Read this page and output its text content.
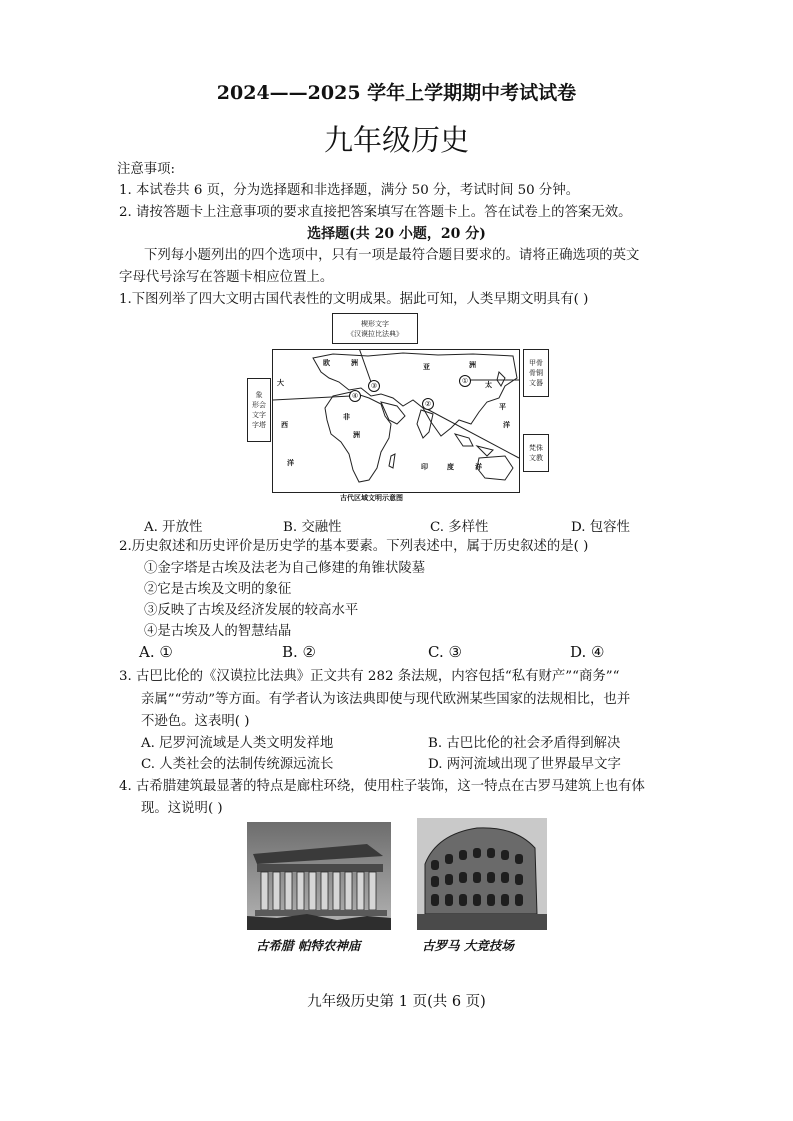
2024——2025 学年上学期期中考试试卷
九年级历史
注意事项:
1. 本试卷共 6 页，分为选择题和非选择题，满分 50 分，考试时间 50 分钟。
2. 请按答题卡上注意事项的要求直接把答案填写在答题卡上。答在试卷上的答案无效。
选择题(共 20 小题，20 分)
下列每小题列出的四个选项中，只有一项是最符合题目要求的。请将正确选项的英文
字母代号涂写在答题卡相应位置上。
1.下图列举了四大文明古国代表性的文明成果。据此可知，人类早期文明具有( )
楔形文字
《汉谟拉比法典》
象
形会
文字
字塔
甲骨
骨铜
文器
梵侏
文教
欧	洲	亚	洲
大
西
洋
非
洲
印	度	洋
太
平
洋
①
②
③
④
古代区域文明示意图
A. 开放性	B. 交融性	C. 多样性	D. 包容性
2.历史叙述和历史评价是历史学的基本要素。下列表述中，属于历史叙述的是( )
①金字塔是古埃及法老为自己修建的角锥状陵墓
②它是古埃及文明的象征
③反映了古埃及经济发展的较高水平
④是古埃及人的智慧结晶
A. ①	B. ②	C. ③	D. ④
3. 古巴比伦的《汉谟拉比法典》正文共有 282 条法规，内容包括“私有财产”“商务”“
亲属”“劳动”等方面。有学者认为该法典即使与现代欧洲某些国家的法规相比，也并
不逊色。这表明( )
A. 尼罗河流域是人类文明发祥地	B. 古巴比伦的社会矛盾得到解决
C. 人类社会的法制传统源远流长	D. 两河流域出现了世界最早文字
4. 古希腊建筑最显著的特点是廊柱环绕，使用柱子装饰，这一特点在古罗马建筑上也有体
现。这说明( )
古希腊 帕特农神庙	古罗马 大竞技场
九年级历史第 1 页(共 6 页)
